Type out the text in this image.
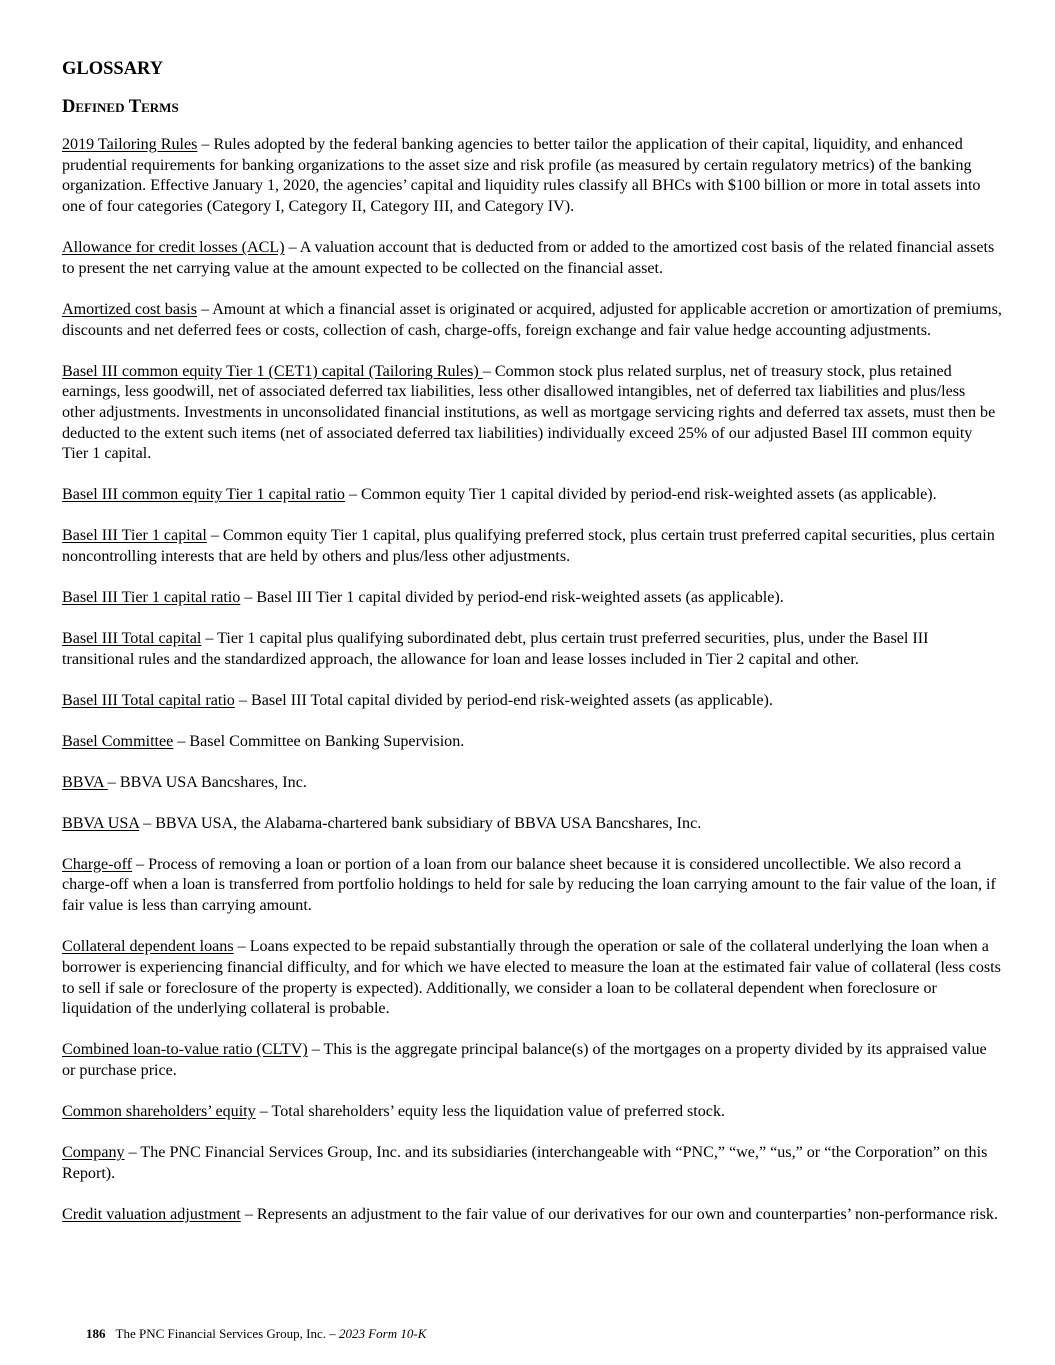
GLOSSARY
Defined Terms

2019 Tailoring Rules – Rules adopted by the federal banking agencies to better tailor the application of their capital, liquidity, and enhanced prudential requirements for banking organizations to the asset size and risk profile (as measured by certain regulatory metrics) of the banking organization. Effective January 1, 2020, the agencies’ capital and liquidity rules classify all BHCs with $100 billion or more in total assets into one of four categories (Category I, Category II, Category III, and Category IV).

Allowance for credit losses (ACL) – A valuation account that is deducted from or added to the amortized cost basis of the related financial assets to present the net carrying value at the amount expected to be collected on the financial asset.

Amortized cost basis – Amount at which a financial asset is originated or acquired, adjusted for applicable accretion or amortization of premiums, discounts and net deferred fees or costs, collection of cash, charge-offs, foreign exchange and fair value hedge accounting adjustments.

Basel III common equity Tier 1 (CET1) capital (Tailoring Rules) – Common stock plus related surplus, net of treasury stock, plus retained earnings, less goodwill, net of associated deferred tax liabilities, less other disallowed intangibles, net of deferred tax liabilities and plus/less other adjustments. Investments in unconsolidated financial institutions, as well as mortgage servicing rights and deferred tax assets, must then be deducted to the extent such items (net of associated deferred tax liabilities) individually exceed 25% of our adjusted Basel III common equity Tier 1 capital.

Basel III common equity Tier 1 capital ratio – Common equity Tier 1 capital divided by period-end risk-weighted assets (as applicable).

Basel III Tier 1 capital – Common equity Tier 1 capital, plus qualifying preferred stock, plus certain trust preferred capital securities, plus certain noncontrolling interests that are held by others and plus/less other adjustments.

Basel III Tier 1 capital ratio – Basel III Tier 1 capital divided by period-end risk-weighted assets (as applicable).

Basel III Total capital – Tier 1 capital plus qualifying subordinated debt, plus certain trust preferred securities, plus, under the Basel III transitional rules and the standardized approach, the allowance for loan and lease losses included in Tier 2 capital and other.

Basel III Total capital ratio – Basel III Total capital divided by period-end risk-weighted assets (as applicable).

Basel Committee – Basel Committee on Banking Supervision.

BBVA – BBVA USA Bancshares, Inc.

BBVA USA – BBVA USA, the Alabama-chartered bank subsidiary of BBVA USA Bancshares, Inc.

Charge-off – Process of removing a loan or portion of a loan from our balance sheet because it is considered uncollectible. We also record a charge-off when a loan is transferred from portfolio holdings to held for sale by reducing the loan carrying amount to the fair value of the loan, if fair value is less than carrying amount.

Collateral dependent loans – Loans expected to be repaid substantially through the operation or sale of the collateral underlying the loan when a borrower is experiencing financial difficulty, and for which we have elected to measure the loan at the estimated fair value of collateral (less costs to sell if sale or foreclosure of the property is expected). Additionally, we consider a loan to be collateral dependent when foreclosure or liquidation of the underlying collateral is probable.

Combined loan-to-value ratio (CLTV) – This is the aggregate principal balance(s) of the mortgages on a property divided by its appraised value or purchase price.

Common shareholders’ equity – Total shareholders’ equity less the liquidation value of preferred stock.

Company – The PNC Financial Services Group, Inc. and its subsidiaries (interchangeable with “PNC,” “we,” “us,” or “the Corporation” on this Report).

Credit valuation adjustment – Represents an adjustment to the fair value of our derivatives for our own and counterparties’ non-performance risk.

186 The PNC Financial Services Group, Inc. – 2023 Form 10-K
